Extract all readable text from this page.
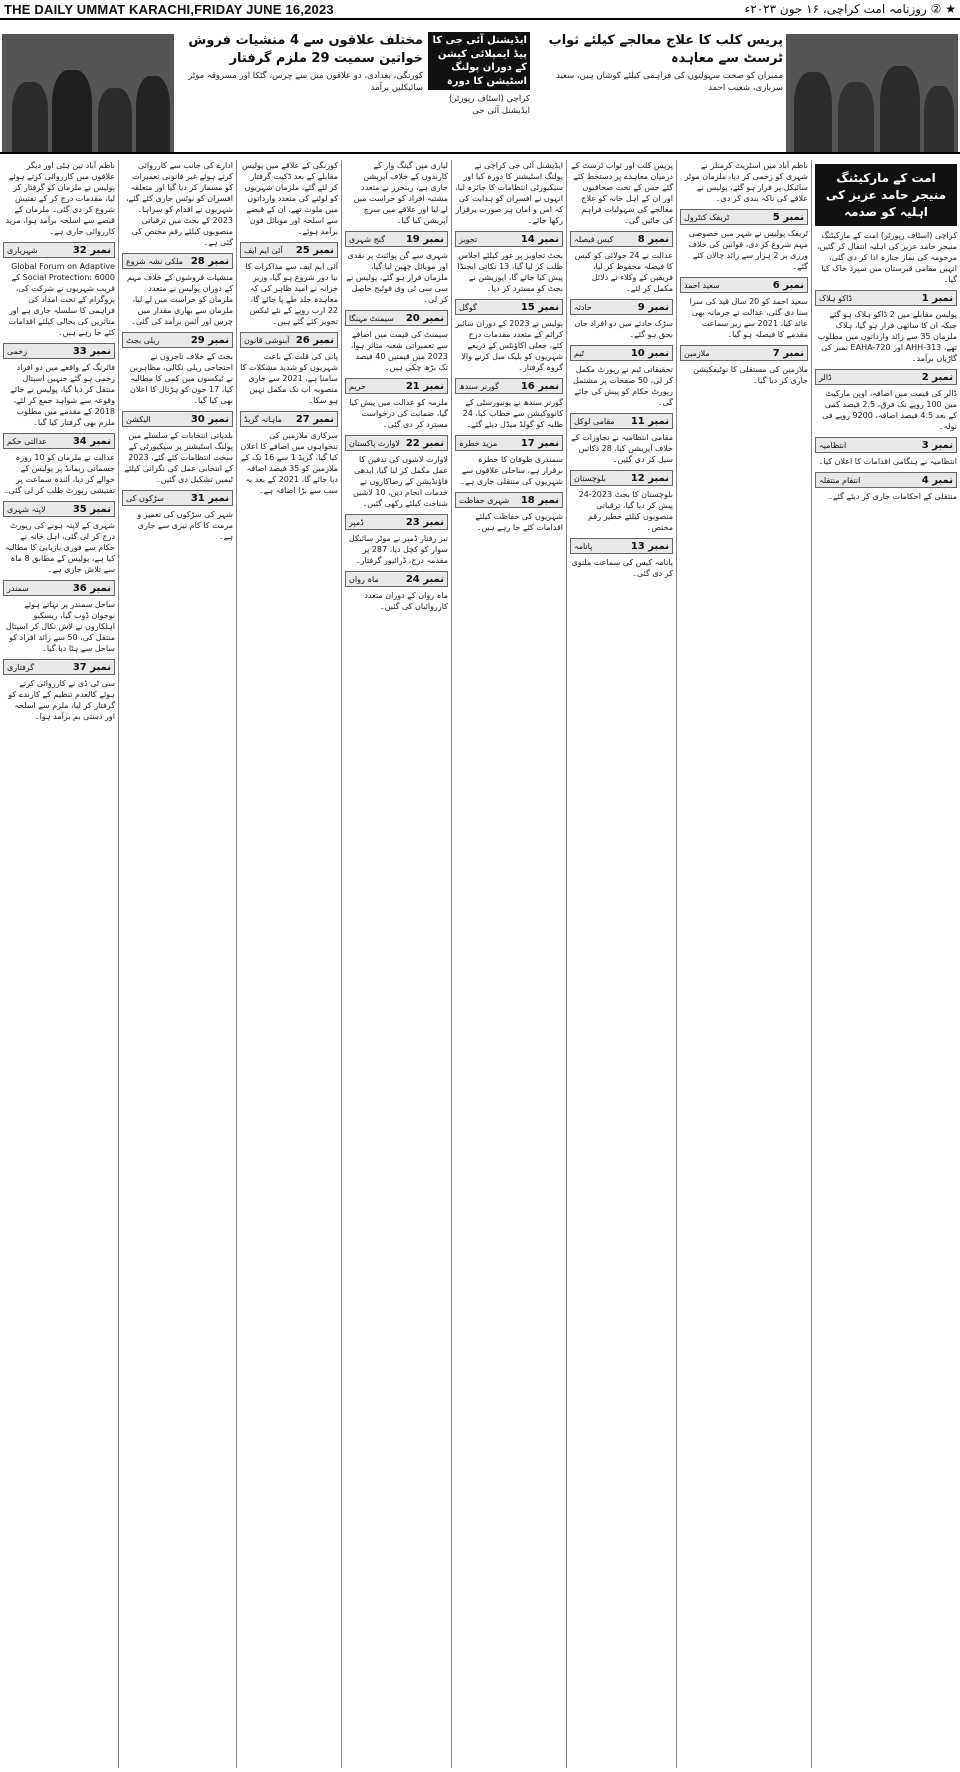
THE DAILY UMMAT KARACHI,FRIDAY JUNE 16,2023	★ ② روزنامہ امت کراچی، ۱۶ جون ۲۰۲۳ء
مختلف علاقوں سے 4 منشیات فروش خواتین سمیت 29 ملزم گرفتار

کورنگی، بغدادی، دو علاقوں میں سے چرس، گٹکا اور مسروقہ موٹر سائیکلیں برآمد

ایڈیشنل آئی جی کا پیڈ ایمپلائی کیشن کے دوران پولنگ اسٹیشن کا دورہ

کراچی (اسٹاف رپورٹر) ایڈیشنل آئی جی

پریس کلب کا علاج معالجے کیلئے ثواب ٹرسٹ سے معاہدہ

ممبران کو صحت سہولتوں کی فراہمی کیلئے کوشاں ہیں، سعید سربازی، شعیب احمد

ناظم آباد تین ہٹی اور دیگر علاقوں میں کارروائی کرتے ہوئے پولیس نے ملزمان کو گرفتار کر لیا، مقدمات درج کر کے تفتیش شروع کر دی گئی۔ ملزمان کے قبضے سے اسلحہ برآمد ہوا، مزید کارروائی جاری ہے۔

نمبر 32
شہریاری

Global Forum on Adaptive Social Protection: 6000 کے قریب شہریوں نے شرکت کی، پروگرام کے تحت امداد کی فراہمی کا سلسلہ جاری ہے اور متاثرین کی بحالی کیلئے اقدامات کئے جا رہے ہیں۔

نمبر 33
زخمی

فائرنگ کے واقعے میں دو افراد زخمی ہو گئے جنہیں اسپتال منتقل کر دیا گیا، پولیس نے جائے وقوعہ سے شواہد جمع کر لئے، 2018 کے مقدمے میں مطلوب ملزم بھی گرفتار کیا گیا۔

نمبر 34
عدالتی حکم

عدالت نے ملزمان کو 10 روزہ جسمانی ریمانڈ پر پولیس کے حوالے کر دیا، آئندہ سماعت پر تفتیشی رپورٹ طلب کر لی گئی۔

نمبر 35
لاپتہ شہری

شہری کے لاپتہ ہونے کی رپورٹ درج کر لی گئی، اہل خانہ نے حکام سے فوری بازیابی کا مطالبہ کیا ہے، پولیس کے مطابق 8 ماہ سے تلاش جاری ہے۔

نمبر 36
سمندر

ساحل سمندر پر نہاتے ہوئے نوجوان ڈوب گیا، ریسکیو اہلکاروں نے لاش نکال کر اسپتال منتقل کی، 50 سے زائد افراد کو ساحل سے ہٹا دیا گیا۔

نمبر 37
گرفتاری

سی ٹی ڈی نے کارروائی کرتے ہوئے کالعدم تنظیم کے کارندے کو گرفتار کر لیا، ملزم سے اسلحہ اور دستی بم برآمد ہوا۔

ادارے کی جانب سے کارروائی کرتے ہوئے غیر قانونی تعمیرات کو مسمار کر دیا گیا اور متعلقہ افسران کو نوٹس جاری کئے گئے، شہریوں نے اقدام کو سراہا۔ 2023 کے بجٹ میں ترقیاتی منصوبوں کیلئے رقم مختص کی گئی ہے۔

نمبر 28
ملکی نشہ شروع

منشیات فروشوں کے خلاف مہم کے دوران پولیس نے متعدد ملزمان کو حراست میں لے لیا، ملزمان سے بھاری مقدار میں چرس اور آئس برآمد کی گئی۔

نمبر 29
ریلی بجٹ

بجٹ کے خلاف تاجروں نے احتجاجی ریلی نکالی، مظاہرین نے ٹیکسوں میں کمی کا مطالبہ کیا، 17 جون کو ہڑتال کا اعلان بھی کیا گیا۔

نمبر 30
الیکشن

بلدیاتی انتخابات کے سلسلے میں پولنگ اسٹیشنز پر سیکیورٹی کے سخت انتظامات کئے گئے، 2023 کے انتخابی عمل کی نگرانی کیلئے ٹیمیں تشکیل دی گئیں۔

نمبر 31
سڑکوں کی

شہر کی سڑکوں کی تعمیر و مرمت کا کام تیزی سے جاری ہے۔

کورنگی کے علاقے میں پولیس مقابلے کے بعد ڈکیت گرفتار کر لئے گئے، ملزمان شہریوں کو لوٹنے کی متعدد وارداتوں میں ملوث تھے، ان کے قبضے سے اسلحہ اور موبائل فون برآمد ہوئے۔

نمبر 25
آئی ایم ایف

آئی ایم ایف سے مذاکرات کا نیا دور شروع ہو گیا، وزیر خزانہ نے امید ظاہر کی کہ معاہدہ جلد طے پا جائے گا، 22 ارب روپے کے نئے ٹیکس تجویز کئے گئے ہیں۔

نمبر 26
آبنوشی قانون

پانی کی قلت کے باعث شہریوں کو شدید مشکلات کا سامنا ہے، 2021 سے جاری منصوبہ اب تک مکمل نہیں ہو سکا۔

نمبر 27
ماہانہ گریڈ

سرکاری ملازمین کی تنخواہوں میں اضافے کا اعلان کیا گیا، گریڈ 1 سے 16 تک کے ملازمین کو 35 فیصد اضافہ دیا جائے گا، 2021 کے بعد یہ سب سے بڑا اضافہ ہے۔

لیاری میں گینگ وار کے کارندوں کے خلاف آپریشن جاری ہے، رینجرز نے متعدد مشتبہ افراد کو حراست میں لے لیا اور علاقے میں سرچ آپریشن کیا گیا۔

نمبر 19
گنج شہری

شہری سے گن پوائنٹ پر نقدی اور موبائل چھین لیا گیا، ملزمان فرار ہو گئے، پولیس نے سی سی ٹی وی فوٹیج حاصل کر لی۔

نمبر 20
سیمنٹ مہنگا

سیمنٹ کی قیمت میں اضافے سے تعمیراتی شعبہ متاثر ہوا، 2023 میں قیمتیں 40 فیصد تک بڑھ چکی ہیں۔

نمبر 21
حریم

ملزمہ کو عدالت میں پیش کیا گیا، ضمانت کی درخواست مسترد کر دی گئی۔

نمبر 22
لاوارث پاکستان

لاوارث لاشوں کی تدفین کا عمل مکمل کر لیا گیا، ایدھی فاؤنڈیشن کے رضاکاروں نے خدمات انجام دیں، 10 لاشیں شناخت کیلئے رکھی گئیں۔

نمبر 23
ڈمپر

تیز رفتار ڈمپر نے موٹر سائیکل سوار کو کچل دیا، 287 پر مقدمہ درج، ڈرائیور گرفتار۔

نمبر 24
ماہ رواں

ماہ رواں کے دوران متعدد کارروائیاں کی گئیں۔

ایڈیشنل آئی جی کراچی نے پولنگ اسٹیشنز کا دورہ کیا اور سیکیورٹی انتظامات کا جائزہ لیا، انہوں نے افسران کو ہدایت کی کہ امن و امان ہر صورت برقرار رکھا جائے۔

نمبر 14
تجویز

بجٹ تجاویز پر غور کیلئے اجلاس طلب کر لیا گیا، 13 نکاتی ایجنڈا پیش کیا جائے گا، اپوزیشن نے بجٹ کو مسترد کر دیا۔

نمبر 15
گوگل

پولیس نے 2023 کے دوران سائبر کرائم کے متعدد مقدمات درج کئے، جعلی اکاؤنٹس کے ذریعے شہریوں کو بلیک میل کرنے والا گروہ گرفتار۔

نمبر 16
گورنر سندھ

گورنر سندھ نے یونیورسٹی کے کانووکیشن سے خطاب کیا، 24 طلبہ کو گولڈ میڈل دیئے گئے۔

نمبر 17
مزید خطرہ

سمندری طوفان کا خطرہ برقرار ہے، ساحلی علاقوں سے شہریوں کی منتقلی جاری ہے۔

نمبر 18
شہری حفاظت

شہریوں کی حفاظت کیلئے اقدامات کئے جا رہے ہیں۔

پریس کلب اور ثواب ٹرسٹ کے درمیان معاہدے پر دستخط کئے گئے جس کے تحت صحافیوں اور ان کے اہل خانہ کو علاج معالجے کی سہولیات فراہم کی جائیں گی۔

نمبر 8
کیس فیصلہ

عدالت نے 24 جولائی کو کیس کا فیصلہ محفوظ کر لیا، فریقین کے وکلاء نے دلائل مکمل کر لئے۔

نمبر 9
حادثہ

سڑک حادثے میں دو افراد جاں بحق ہو گئے۔

نمبر 10
ٹیم

تحقیقاتی ٹیم نے رپورٹ مکمل کر لی، 50 صفحات پر مشتمل رپورٹ حکام کو پیش کی جائے گی۔

نمبر 11
مقامی لوکل

مقامی انتظامیہ نے تجاوزات کے خلاف آپریشن کیا، 28 دکانیں سیل کر دی گئیں۔

نمبر 12
بلوچستان

بلوچستان کا بجٹ 2023-24 پیش کر دیا گیا، ترقیاتی منصوبوں کیلئے خطیر رقم مختص۔

نمبر 13
پانامہ

پانامہ کیس کی سماعت ملتوی کر دی گئی۔

ناظم آباد میں اسٹریٹ کرمنلز نے شہری کو زخمی کر دیا، ملزمان موٹر سائیکل پر فرار ہو گئے، پولیس نے علاقے کی ناکہ بندی کر دی۔

نمبر 5
ٹریفک کنٹرول

ٹریفک پولیس نے شہر میں خصوصی مہم شروع کر دی، قوانین کی خلاف ورزی پر 2 ہزار سے زائد چالان کئے گئے۔

نمبر 6
سعید احمد

سعید احمد کو 20 سال قید کی سزا سنا دی گئی، عدالت نے جرمانہ بھی عائد کیا، 2021 سے زیر سماعت مقدمے کا فیصلہ ہو گیا۔

نمبر 7
ملازمین

ملازمین کی مستقلی کا نوٹیفکیشن جاری کر دیا گیا۔

امت کے مارکیٹنگ منیجر حامد عزیز کی اہلیہ کو صدمہ

کراچی (اسٹاف رپورٹر) امت کے مارکیٹنگ منیجر حامد عزیز کی اہلیہ انتقال کر گئیں، مرحومہ کی نماز جنازہ ادا کر دی گئی، انہیں مقامی قبرستان میں سپرد خاک کیا گیا۔

نمبر 1
ڈاکو ہلاک

پولیس مقابلے میں 2 ڈاکو ہلاک ہو گئے جبکہ ان کا ساتھی فرار ہو گیا، ہلاک ملزمان 35 سے زائد وارداتوں میں مطلوب تھے، AHH-313 اور EAHA-720 نمبر کی گاڑیاں برآمد۔

نمبر 2
ڈالر

ڈالر کی قیمت میں اضافہ، اوپن مارکیٹ میں 100 روپے تک فرق، 2.5 فیصد کمی کے بعد 4.5 فیصد اضافہ، 9200 روپے فی تولہ۔

نمبر 3
انتظامیہ

انتظامیہ نے ہنگامی اقدامات کا اعلان کیا۔

نمبر 4
انتقام منتقلہ

منتقلی کے احکامات جاری کر دیئے گئے۔
